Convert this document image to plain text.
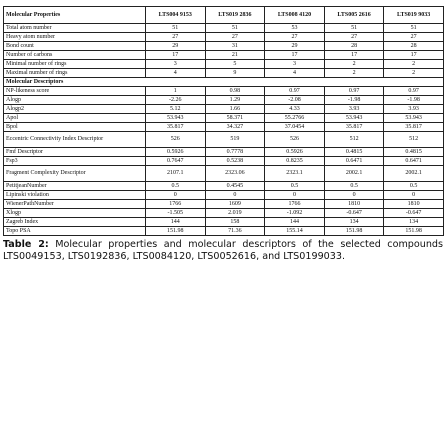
Molecular Properties	LTS004 9153	LTS019 2836	LTS008 4120	LTS005 2616	LTS019 9033
Total atom number	51	51	53	51	51
Heavy atom number	27	27	27	27	27
Bond count	29	31	29	28	28
Number of carbons	17	21	17	17	17
Minimal number of rings	3	5	3	2	2
Maximal number of rings	4	9	4	2	2
Molecular Descriptors					
NP-likeness score	1	0.98	0.97	0.97	0.97
Alogp	-2.26	1.29	-2.08	-1.98	-1.98
Alogp2	5.12	1.66	4.33	3.93	3.93
Apol	53.943	58.371	55.2766	53.943	53.943
Bpol	35.817	34.327	37.0454	35.817	35.817
Eccentric Connectivity Index Descriptor	526	519	526	512	512
Fmf Descriptor	0.5926	0.7778	0.5926	0.4815	0.4815
Fsp3	0.7647	0.5238	0.8235	0.6471	0.6471
Fragment Complexity Descriptor	2107.1	2323.06	2323.1	2002.1	2002.1
PetitjeanNumber	0.5	0.4545	0.5	0.5	0.5
Lipinski violation	0	0	0	0	0
WienerPathNumber	1766	1609	1766	1810	1810
Xlogp	-1.505	2.019	-1.092	-0.647	-0.647
Zagreb Index	144	158	144	134	134
Topo PSA	151.98	71.36	155.14	151.98	151.98
Table 2: Molecular properties and molecular descriptors of the selected compounds LTS0049153, LTS0192836, LTS0084120, LTS0052616, and LTS0199033.
